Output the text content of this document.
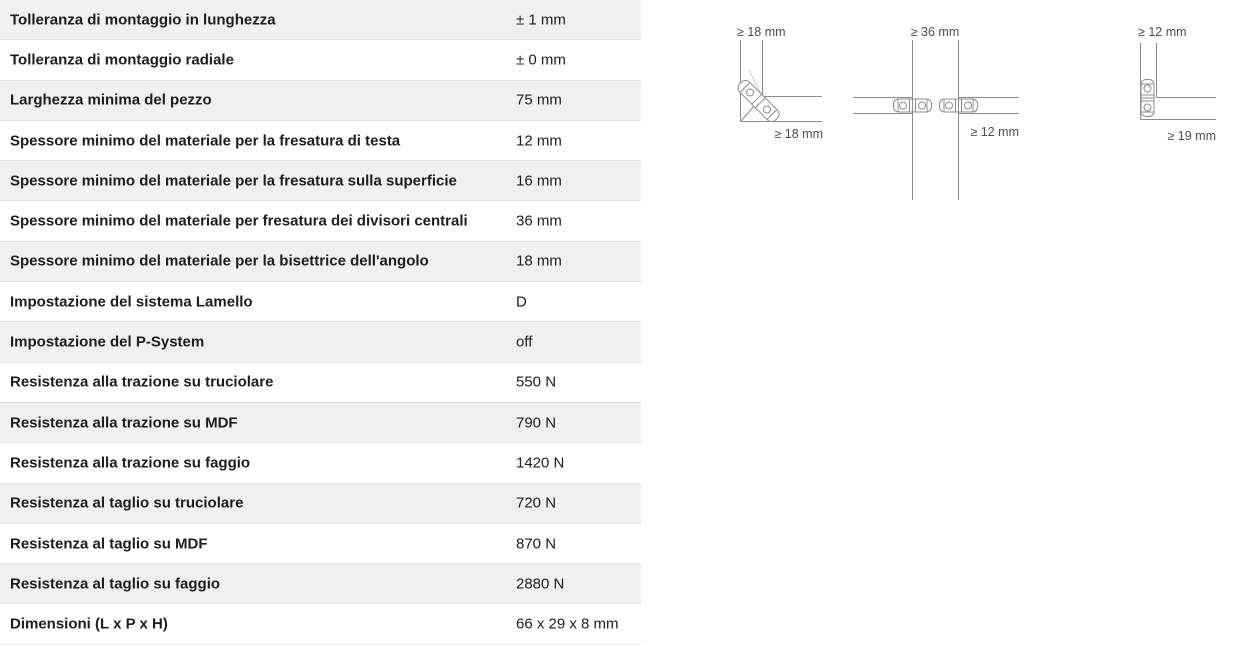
Tolleranza di montaggio in lunghezza	± 1 mm
Tolleranza di montaggio radiale	± 0 mm
Larghezza minima del pezzo	75 mm
Spessore minimo del materiale per la fresatura di testa	12 mm
Spessore minimo del materiale per la fresatura sulla superficie	16 mm
Spessore minimo del materiale per fresatura dei divisori centrali	36 mm
Spessore minimo del materiale per la bisettrice dell'angolo	18 mm
Impostazione del sistema Lamello	D
Impostazione del P-System	off
Resistenza alla trazione su truciolare	550 N
Resistenza alla trazione su MDF	790 N
Resistenza alla trazione su faggio	1420 N
Resistenza al taglio su truciolare	720 N
Resistenza al taglio su MDF	870 N
Resistenza al taglio su faggio	2880 N
Dimensioni (L x P x H)	66 x 29 x 8 mm
≥ 18 mm
≥ 18 mm
≥ 36 mm
≥ 12 mm
≥ 12 mm
≥ 19 mm
